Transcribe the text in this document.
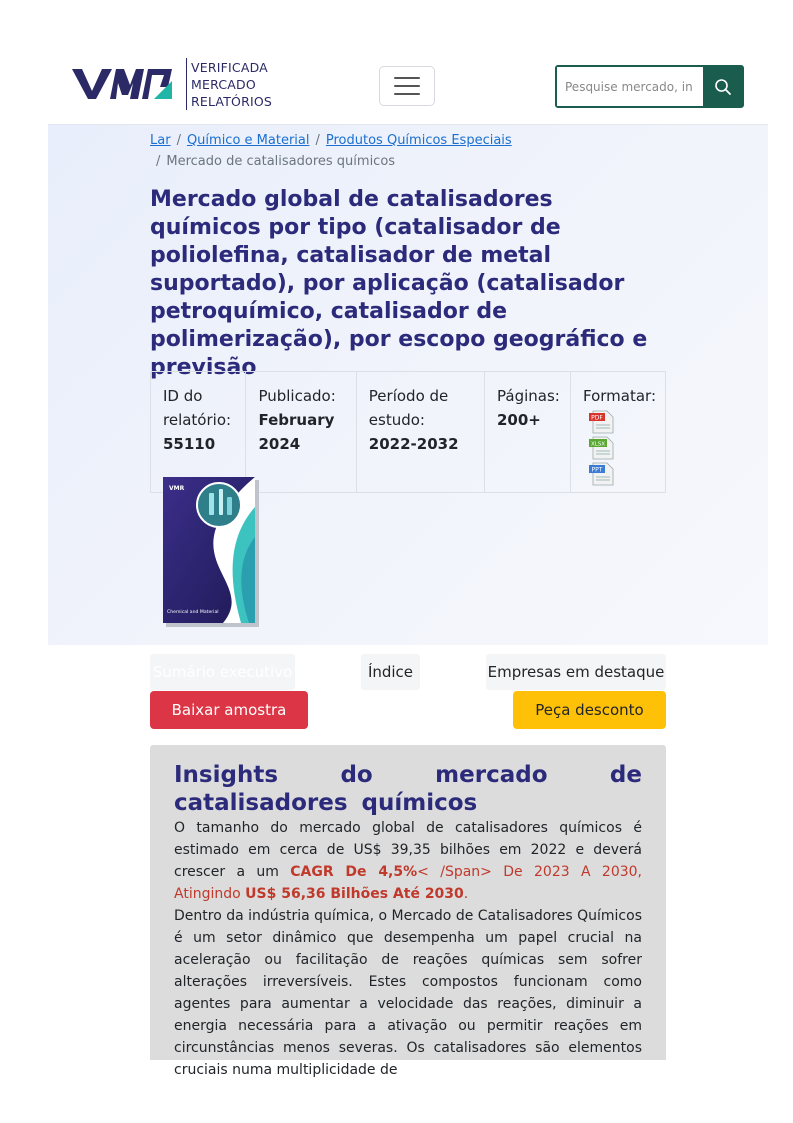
VERIFICADA
MERCADO
RELATÓRIOS
Pesquise mercado, in
Lar / Químico e Material / Produtos Químicos Especiais
/ Mercado de catalisadores químicos
Mercado global de catalisadores químicos por tipo (catalisador de poliolefina, catalisador de metal suportado), por aplicação (catalisador petroquímico, catalisador de polimerização), por escopo geográfico e previsão
ID do relatório:
55110
Publicado:
February 2024
Período de estudo: 2022-2032
Páginas:
200+
Formatar:
PDF
XLSX
PPT
VMR
Chemical and Material
Sumário executivo	Índice	Empresas em destaque
Baixar amostra	Peça desconto
Insights do mercado de catalisadores químicos

O tamanho do mercado global de catalisadores químicos é estimado em cerca de US$ 39,35 bilhões em 2022 e deverá crescer a um CAGR De 4,5%< /Span> De 2023 A 2030, Atingindo US$ 56,36 Bilhões Até 2030.

Dentro da indústria química, o Mercado de Catalisadores Químicos é um setor dinâmico que desempenha um papel crucial na aceleração ou facilitação de reações químicas sem sofrer alterações irreversíveis. Estes compostos funcionam como agentes para aumentar a velocidade das reações, diminuir a energia necessária para a ativação ou permitir reações em circunstâncias menos severas. Os catalisadores são elementos cruciais numa multiplicidade de
